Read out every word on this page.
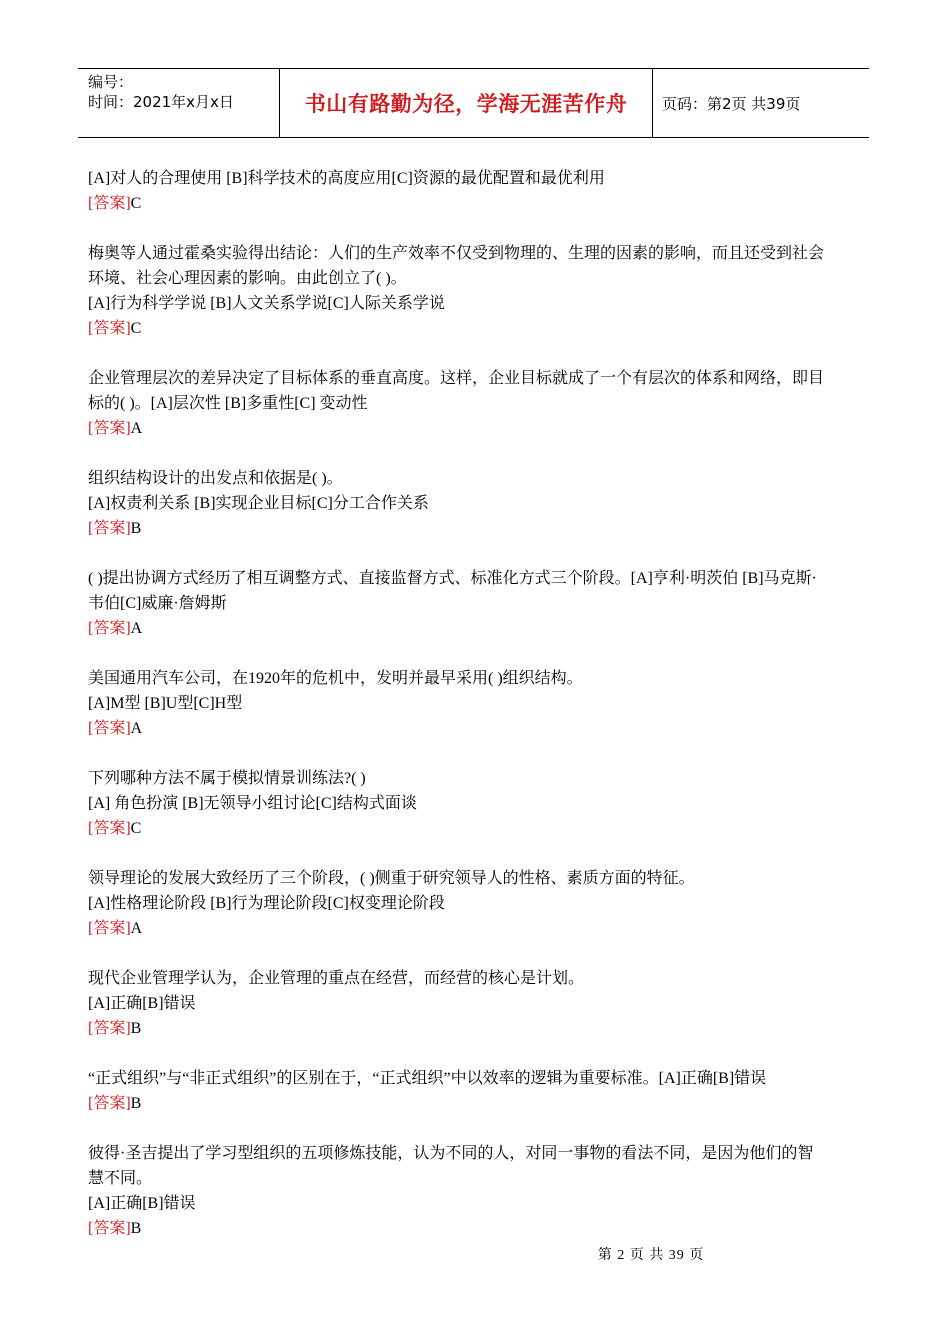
编号：
时间：2021年x月x日	书山有路勤为径，学海无涯苦作舟	页码：第2页 共39页

[A]对人的合理使用 [B]科学技术的高度应用[C]资源的最优配置和最优利用

[答案]C

梅奥等人通过霍桑实验得出结论：人们的生产效率不仅受到物理的、生理的因素的影响，而且还受到社会

环境、社会心理因素的影响。由此创立了( )。

[A]行为科学学说 [B]人文关系学说[C]人际关系学说

[答案]C

企业管理层次的差异决定了目标体系的垂直高度。这样，企业目标就成了一个有层次的体系和网络，即目

标的( )。[A]层次性 [B]多重性[C] 变动性

[答案]A

组织结构设计的出发点和依据是( )。

[A]权责利关系 [B]实现企业目标[C]分工合作关系

[答案]B

( )提出协调方式经历了相互调整方式、直接监督方式、标准化方式三个阶段。[A]亨利·明茨伯 [B]马克斯·

韦伯[C]威廉·詹姆斯

[答案]A

美国通用汽车公司，在1920年的危机中，发明并最早采用( )组织结构。

[A]M型 [B]U型[C]H型

[答案]A

下列哪种方法不属于模拟情景训练法?( )

[A] 角色扮演 [B]无领导小组讨论[C]结构式面谈

[答案]C

领导理论的发展大致经历了三个阶段，( )侧重于研究领导人的性格、素质方面的特征。

[A]性格理论阶段 [B]行为理论阶段[C]权变理论阶段

[答案]A

现代企业管理学认为，企业管理的重点在经营，而经营的核心是计划。

[A]正确[B]错误

[答案]B

“正式组织”与“非正式组织”的区别在于，“正式组织”中以效率的逻辑为重要标准。[A]正确[B]错误

[答案]B

彼得·圣吉提出了学习型组织的五项修炼技能，认为不同的人，对同一事物的看法不同，是因为他们的智

慧不同。

[A]正确[B]错误

[答案]B

第 2 页 共 39 页
